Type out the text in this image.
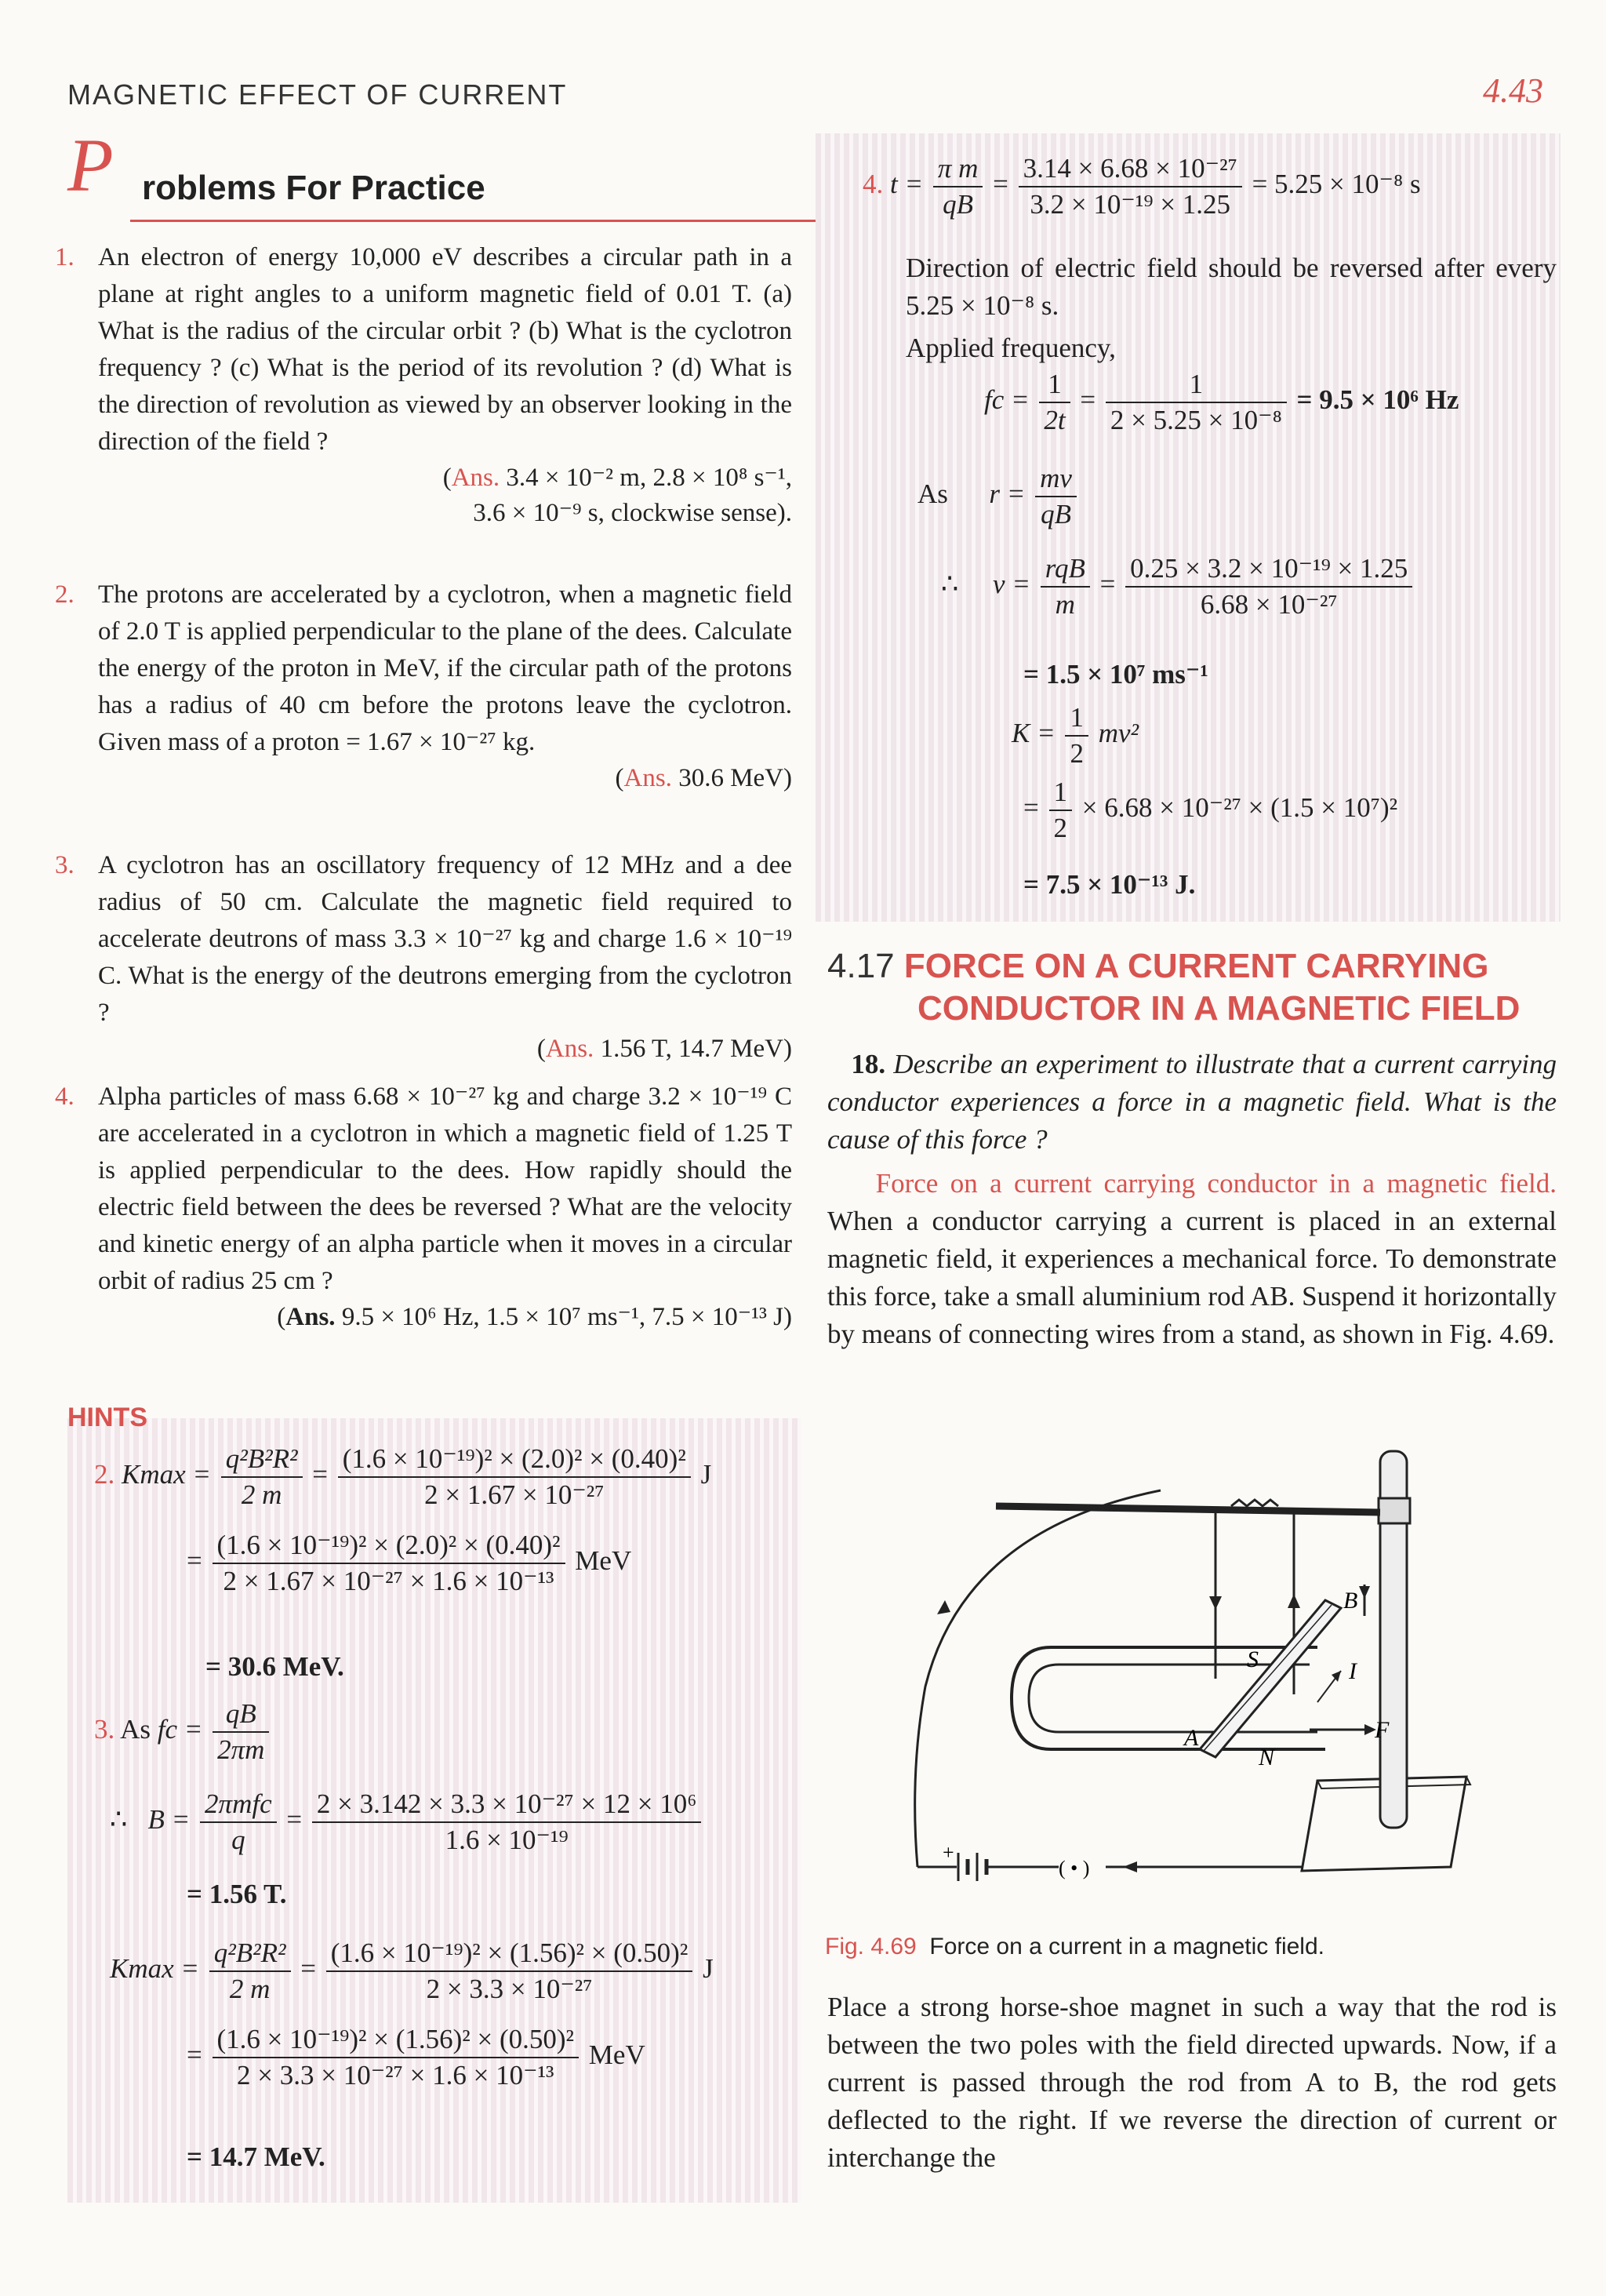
MAGNETIC EFFECT OF CURRENT	4.43
P roblems For Practice
1. An electron of energy 10,000 eV describes a circular path in a plane at right angles to a uniform magnetic field of 0.01 T. (a) What is the radius of the circular orbit ? (b) What is the cyclotron frequency ? (c) What is the period of its revolution ? (d) What is the direction of revolution as viewed by an observer looking in the direction of the field ?
(Ans. 3.4 × 10⁻² m, 2.8 × 10⁸ s⁻¹,
3.6 × 10⁻⁹ s, clockwise sense).
2. The protons are accelerated by a cyclotron, when a magnetic field of 2.0 T is applied perpendicular to the plane of the dees. Calculate the energy of the proton in MeV, if the circular path of the protons has a radius of 40 cm before the protons leave the cyclotron. Given mass of a proton = 1.67 × 10⁻²⁷ kg.
(Ans. 30.6 MeV)
3. A cyclotron has an oscillatory frequency of 12 MHz and a dee radius of 50 cm. Calculate the magnetic field required to accelerate deutrons of mass 3.3 × 10⁻²⁷ kg and charge 1.6 × 10⁻¹⁹ C. What is the energy of the deutrons emerging from the cyclotron ?
(Ans. 1.56 T, 14.7 MeV)
4. Alpha particles of mass 6.68 × 10⁻²⁷ kg and charge 3.2 × 10⁻¹⁹ C are accelerated in a cyclotron in which a magnetic field of 1.25 T is applied perpendicular to the dees. How rapidly should the electric field between the dees be reversed ? What are the velocity and kinetic energy of an alpha particle when it moves in a circular orbit of radius 25 cm ?
(Ans. 9.5 × 10⁶ Hz, 1.5 × 10⁷ ms⁻¹, 7.5 × 10⁻¹³ J)
HINTS
2. $Kmax = \frac{\text{q²B²R²}}{2 m} = \frac{\text{(1.6 × 10⁻¹⁹)² × (2.0)² × (0.40)²}}{\text{2 × 1.67 × 10⁻²⁷}}$ J
= $\frac{\text{(1.6 × 10⁻¹⁹)² × (2.0)² × (0.40)²}}{\text{2 × 1.67 × 10⁻²⁷ × 1.6 × 10⁻¹³}}$ MeV
= 30.6 MeV.
3. As fc = $\frac{qB}{2\pi m}$
∴ $B = \frac{\text{2πmfc}}{q} = \frac{\text{2 × 3.142 × 3.3 × 10⁻²⁷ × 12 × 10⁶}}{\text{1.6 × 10⁻¹⁹}}$
= 1.56 T.
$Kmax = \frac{\text{q²B²R²}}{2 m} = \frac{\text{(1.6 × 10⁻¹⁹)² × (1.56)² × (0.50)²}}{\text{2 × 3.3 × 10⁻²⁷}}$ J
= $\frac{\text{(1.6 × 10⁻¹⁹)² × (1.56)² × (0.50)²}}{\text{2 × 3.3 × 10⁻²⁷ × 1.6 × 10⁻¹³}}$ MeV
= 14.7 MeV.
4. $t = \frac{\text{π m}}{qB} = \frac{\text{3.14 × 6.68 × 10⁻²⁷}}{\text{3.2 × 10⁻¹⁹ × 1.25}} = 5.25 \times 10^{-8}$ s
Direction of electric field should be reversed after every 5.25 × 10⁻⁸ s.
Applied frequency,
fc = $\frac{1}{2t} = \frac{1}{\text{2 × 5.25 × 10⁻⁸}} = 9.5 \times 10^6$ Hz
As $r = \frac{mv}{qB}$
∴ $v = \frac{\text{rqB}}{m} = \frac{\text{0.25 × 3.2 × 10⁻¹⁹ × 1.25}}{\text{6.68 × 10⁻²⁷}}$
= 1.5 × 10⁷ ms⁻¹
$K = \frac{1}{2} mv^2$
= $\frac{1}{2} \times 6.68 \times 10^{-27} \times (1.5 \times 10^7)^2$
= 7.5 × 10⁻¹³ J.
4.17 FORCE ON A CURRENT CARRYING
CONDUCTOR IN A MAGNETIC FIELD
18. Describe an experiment to illustrate that a current carrying conductor experiences a force in a magnetic field. What is the cause of this force ?
Force on a current carrying conductor in a magnetic field. When a conductor carrying a current is placed in an external magnetic field, it experiences a mechanical force. To demonstrate this force, take a small aluminium rod AB. Suspend it horizontally by means of connecting wires from a stand, as shown in Fig. 4.69.
+
( • )
A
B
S
N
I
F
Fig. 4.69 Force on a current in a magnetic field.
Place a strong horse-shoe magnet in such a way that the rod is between the two poles with the field directed upwards. Now, if a current is passed through the rod from A to B, the rod gets deflected to the right. If we reverse the direction of current or interchange the
